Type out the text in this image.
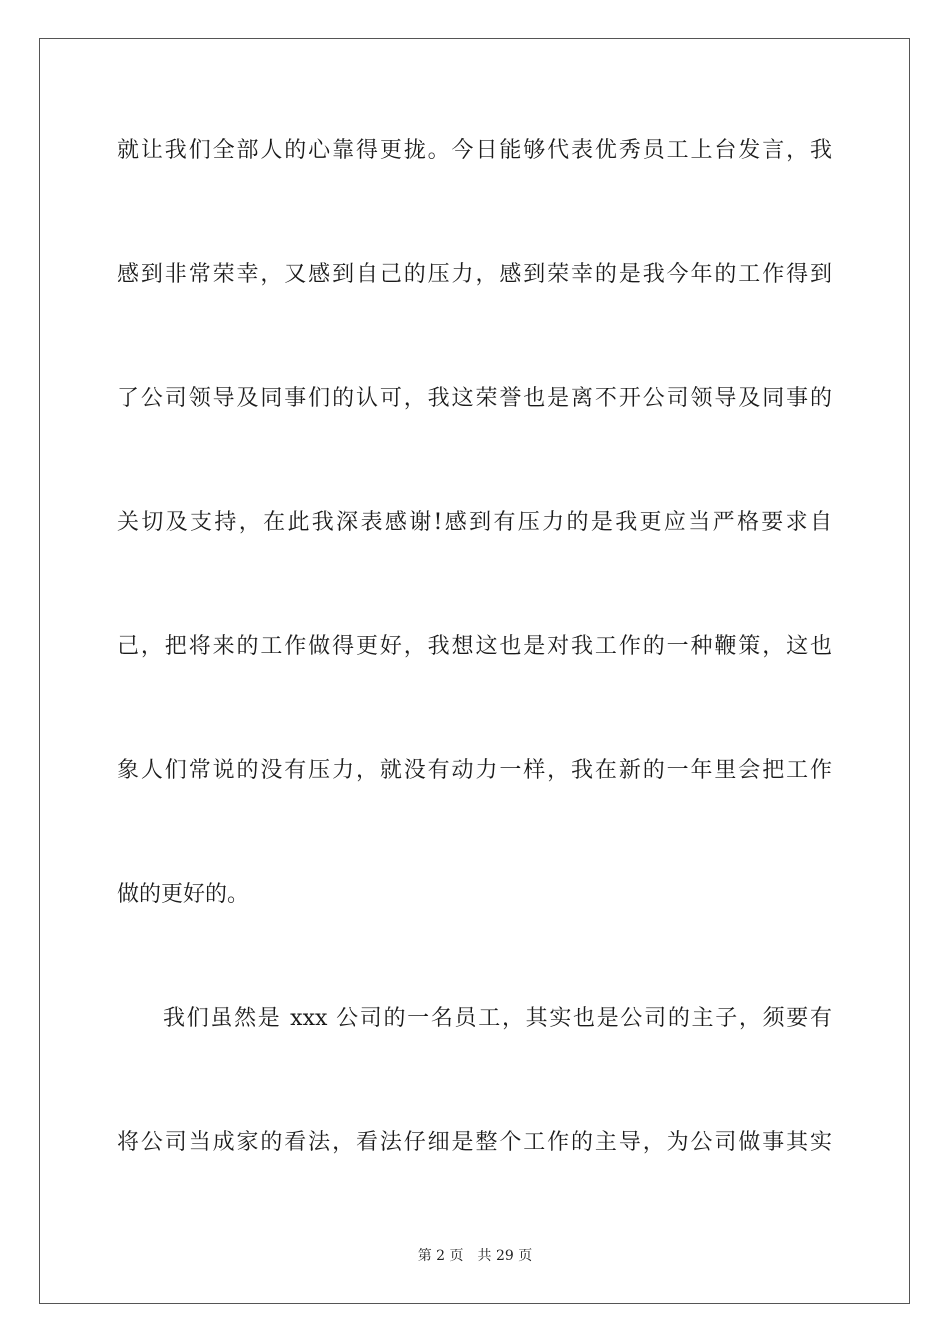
就让我们全部人的心靠得更拢。今日能够代表优秀员工上台发言，我

感到非常荣幸，又感到自己的压力，感到荣幸的是我今年的工作得到

了公司领导及同事们的认可，我这荣誉也是离不开公司领导及同事的

关切及支持，在此我深表感谢!感到有压力的是我更应当严格要求自

己，把将来的工作做得更好，我想这也是对我工作的一种鞭策，这也

象人们常说的没有压力，就没有动力一样，我在新的一年里会把工作

做的更好的。

我们虽然是 xxx 公司的一名员工，其实也是公司的主子，须要有

将公司当成家的看法，看法仔细是整个工作的主导，为公司做事其实

第 2 页 共 29 页
